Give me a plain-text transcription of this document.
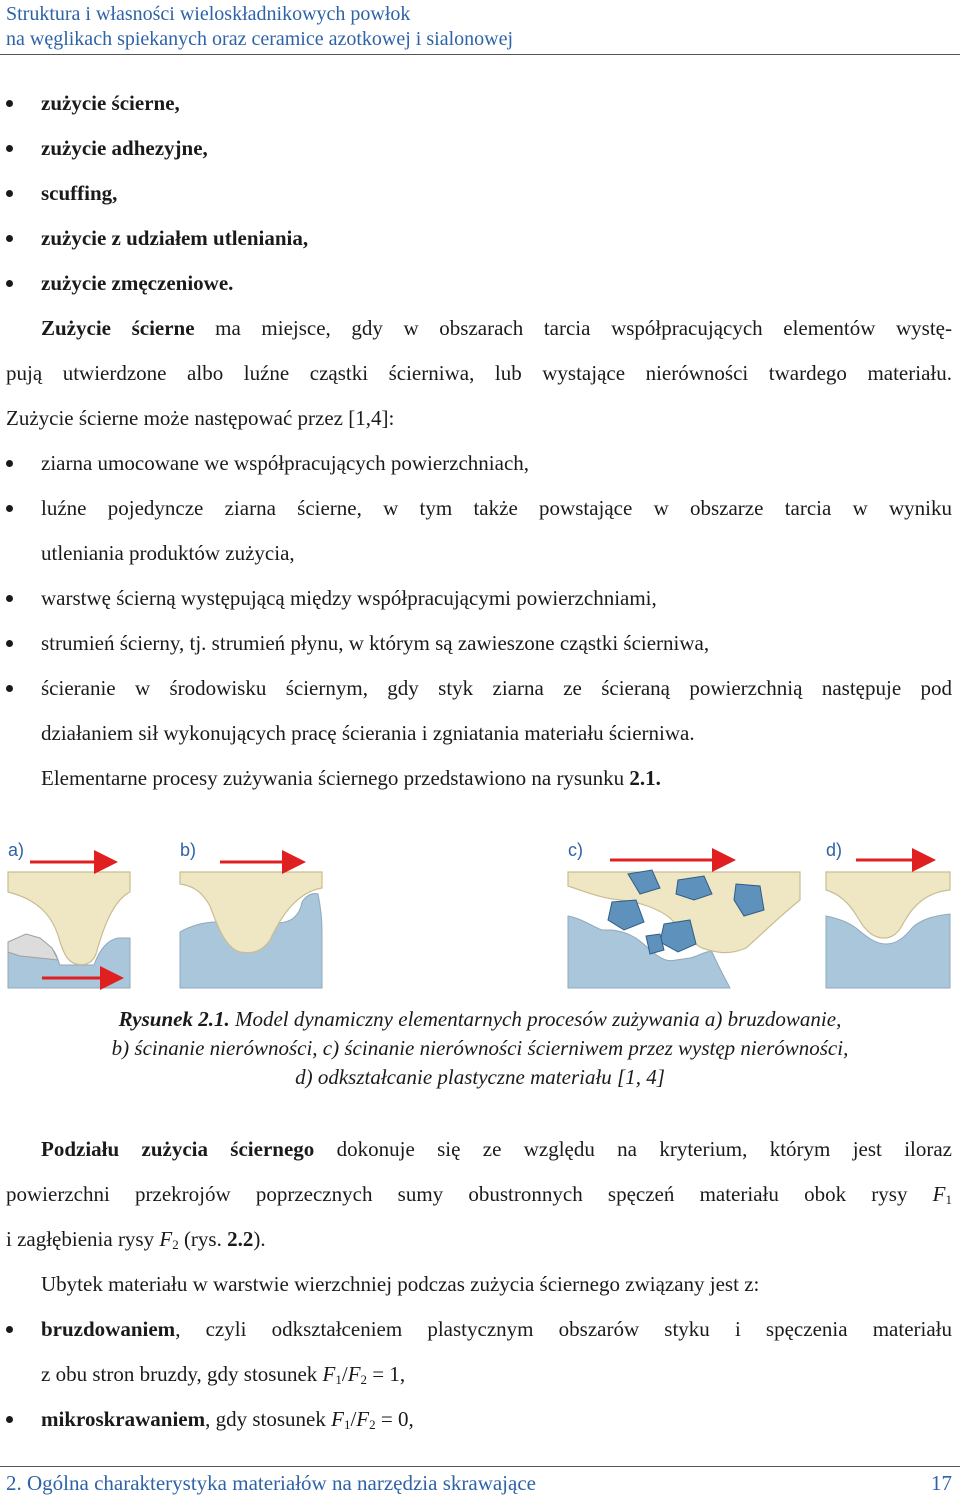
Struktura i własności wieloskładnikowych powłok
na węglikach spiekanych oraz ceramice azotkowej i sialonowej
zużycie ścierne,
zużycie adhezyjne,
scuffing,
zużycie z udziałem utleniania,
zużycie zmęczeniowe.
Zużycie ścierne ma miejsce, gdy w obszarach tarcia współpracujących elementów wystę-
pują utwierdzone albo luźne cząstki ścierniwa, lub wystające nierówności twardego materiału.
Zużycie ścierne może następować przez [1,4]:
ziarna umocowane we współpracujących powierzchniach,
luźne pojedyncze ziarna ścierne, w tym także powstające w obszarze tarcia w wyniku
utleniania produktów zużycia,
warstwę ścierną występującą między współpracującymi powierzchniami,
strumień ścierny, tj. strumień płynu, w którym są zawieszone cząstki ścierniwa,
ścieranie w środowisku ściernym, gdy styk ziarna ze ścieraną powierzchnią następuje pod
działaniem sił wykonujących pracę ścierania i zgniatania materiału ścierniwa.
Elementarne procesy zużywania ściernego przedstawiono na rysunku 2.1.
a)	b)	c)	d)
Rysunek 2.1. Model dynamiczny elementarnych procesów zużywania a) bruzdowanie,
b) ścinanie nierówności, c) ścinanie nierówności ścierniwem przez występ nierówności,
d) odkształcanie plastyczne materiału [1, 4]
Podziału zużycia ściernego dokonuje się ze względu na kryterium, którym jest iloraz
powierzchni przekrojów poprzecznych sumy obustronnych spęczeń materiału obok rysy $F_1$
i zagłębienia rysy $F_2$ (rys. 2.2).
Ubytek materiału w warstwie wierzchniej podczas zużycia ściernego związany jest z:
bruzdowaniem, czyli odkształceniem plastycznym obszarów styku i spęczenia materiału
z obu stron bruzdy, gdy stosunek $F_1/F_2 = 1$,
mikroskrawaniem, gdy stosunek $F_1/F_2 = 0$,
2. Ogólna charakterystyka materiałów na narzędzia skrawające	17
